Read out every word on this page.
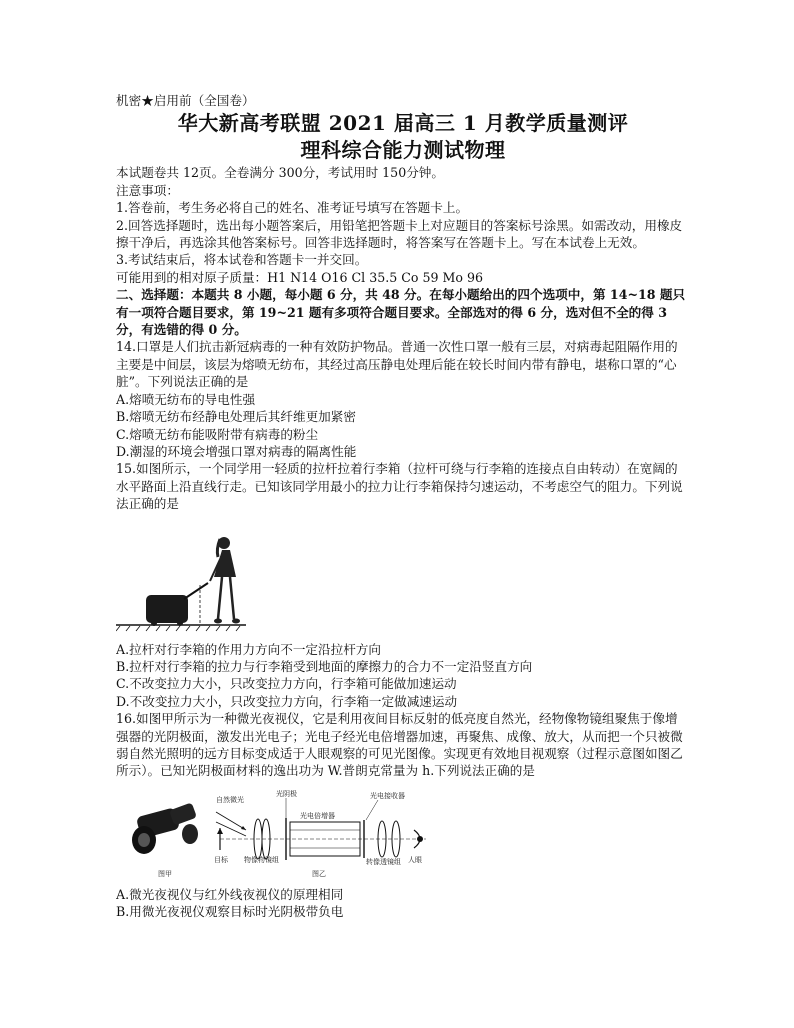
机密★启用前（全国卷）
华大新高考联盟 2021 届高三 1 月教学质量测评
理科综合能力测试物理
本试题卷共 12页。全卷满分 300分，考试用时 150分钟。
注意事项：
1.答卷前，考生务必将自己的姓名、准考证号填写在答题卡上。
2.回答选择题时，选出每小题答案后，用铅笔把答题卡上对应题目的答案标号涂黑。如需改动，用橡皮擦干净后，再选涂其他答案标号。回答非选择题时，将答案写在答题卡上。写在本试卷上无效。
3.考试结束后，将本试卷和答题卡一并交回。
可能用到的相对原子质量：H1 N14 O16 Cl 35.5 Co 59 Mo 96
二、选择题：本题共 8 小题，每小题 6 分，共 48 分。在每小题给出的四个选项中，第 14~18 题只有一项符合题目要求，第 19~21 题有多项符合题目要求。全部选对的得 6 分，选对但不全的得 3 分，有选错的得 0 分。
14.口罩是人们抗击新冠病毒的一种有效防护物品。普通一次性口罩一般有三层，对病毒起阻隔作用的主要是中间层，该层为熔喷无纺布，其经过高压静电处理后能在较长时间内带有静电，堪称口罩的“心脏”。下列说法正确的是
A.熔喷无纺布的导电性强
B.熔喷无纺布经静电处理后其纤维更加紧密
C.熔喷无纺布能吸附带有病毒的粉尘
D.潮湿的环境会增强口罩对病毒的隔离性能
15.如图所示，一个同学用一轻质的拉杆拉着行李箱（拉杆可绕与行李箱的连接点自由转动）在宽阔的水平路面上沿直线行走。已知该同学用最小的拉力让行李箱保持匀速运动，不考虑空气的阻力。下列说法正确的是
A.拉杆对行李箱的作用力方向不一定沿拉杆方向
B.拉杆对行李箱的拉力与行李箱受到地面的摩擦力的合力不一定沿竖直方向
C.不改变拉力大小，只改变拉力方向，行李箱可能做加速运动
D.不改变拉力大小，只改变拉力方向，行李箱一定做减速运动
16.如图甲所示为一种微光夜视仪，它是利用夜间目标反射的低亮度自然光，经物像物镜组聚焦于像增强器的光阴极面，激发出光电子；光电子经光电倍增器加速，再聚焦、成像、放大，从而把一个只被微弱自然光照明的远方目标变成适于人眼观察的可见光图像。实现更有效地目视观察（过程示意图如图乙所示）。已知光阴极面材料的逸出功为 W.普朗克常量为 h.下列说法正确的是
图甲
自然微光
目标 物像物镜组
光阴极
光电倍增器
转像透镜组
光电接收器
人眼
图乙
A.微光夜视仪与红外线夜视仪的原理相同
B.用微光夜视仪观察目标时光阴极带负电
